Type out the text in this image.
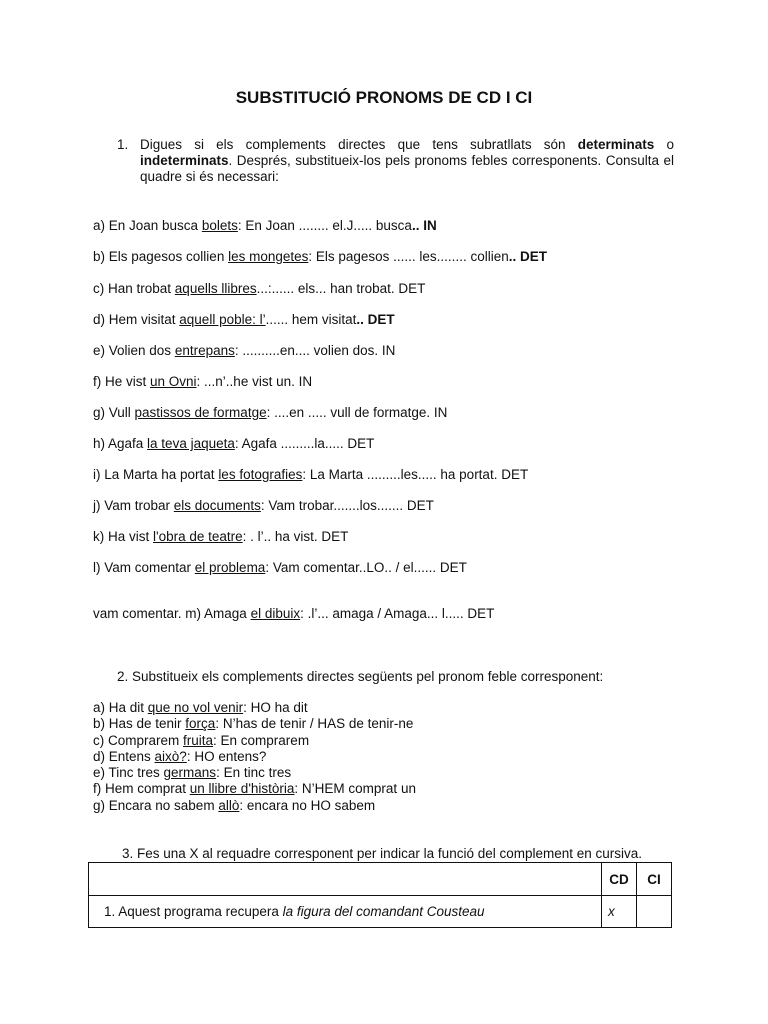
SUBSTITUCIÓ PRONOMS DE CD I CI
1. Digues si els complements directes que tens subratllats són determinats o indeterminats. Després, substitueix-los pels pronoms febles corresponents. Consulta el quadre si és necessari:
a) En Joan busca bolets: En Joan ........ el.J..... busca.. IN
b) Els pagesos collien les mongetes: Els pagesos ...... les........ collien.. DET
c) Han trobat aquells llibres...:...... els... han trobat. DET
d) Hem visitat aquell poble: l’...... hem visitat.. DET
e) Volien dos entrepans: ..........en.... volien dos. IN
f) He vist un Ovni: ...n’..he vist un. IN
g) Vull pastissos de formatge: ....en ..... vull de formatge. IN
h) Agafa la teva jaqueta: Agafa .........la..... DET
i) La Marta ha portat les fotografies: La Marta .........les..... ha portat. DET
j) Vam trobar els documents: Vam trobar.......los....... DET
k) Ha vist l'obra de teatre: . l’.. ha vist. DET
l) Vam comentar el problema: Vam comentar..LO.. / el...... DET
vam comentar. m) Amaga el dibuix: .l’... amaga / Amaga... l..... DET
2. Substitueix els complements directes següents pel pronom feble corresponent:
a) Ha dit que no vol venir: HO ha dit
b) Has de tenir força: N’has de tenir / HAS de tenir-ne
c) Comprarem fruita: En comprarem
d) Entens això?: HO entens?
e) Tinc tres germans: En tinc tres
f) Hem comprat un llibre d'història: N’HEM comprat un
g) Encara no sabem allò: encara no HO sabem
3. Fes una X al requadre corresponent per indicar la funció del complement en cursiva.
	CD	CI
1. Aquest programa recupera la figura del comandant Cousteau	x	
